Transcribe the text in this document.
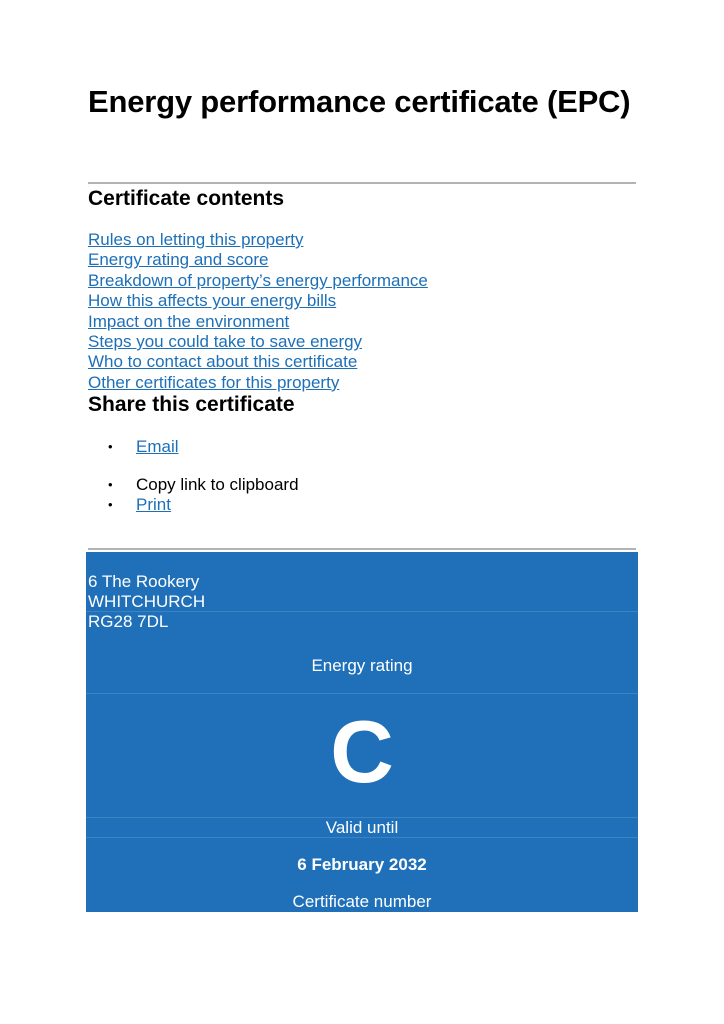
Energy performance certificate (EPC)
Certificate contents
Rules on letting this property
Energy rating and score
Breakdown of property’s energy performance
How this affects your energy bills
Impact on the environment
Steps you could take to save energy
Who to contact about this certificate
Other certificates for this property
Share this certificate
• Email
• Copy link to clipboard
• Print
6 The Rookery
WHITCHURCH
RG28 7DL
Energy rating
C
Valid until
6 February 2032
Certificate number
